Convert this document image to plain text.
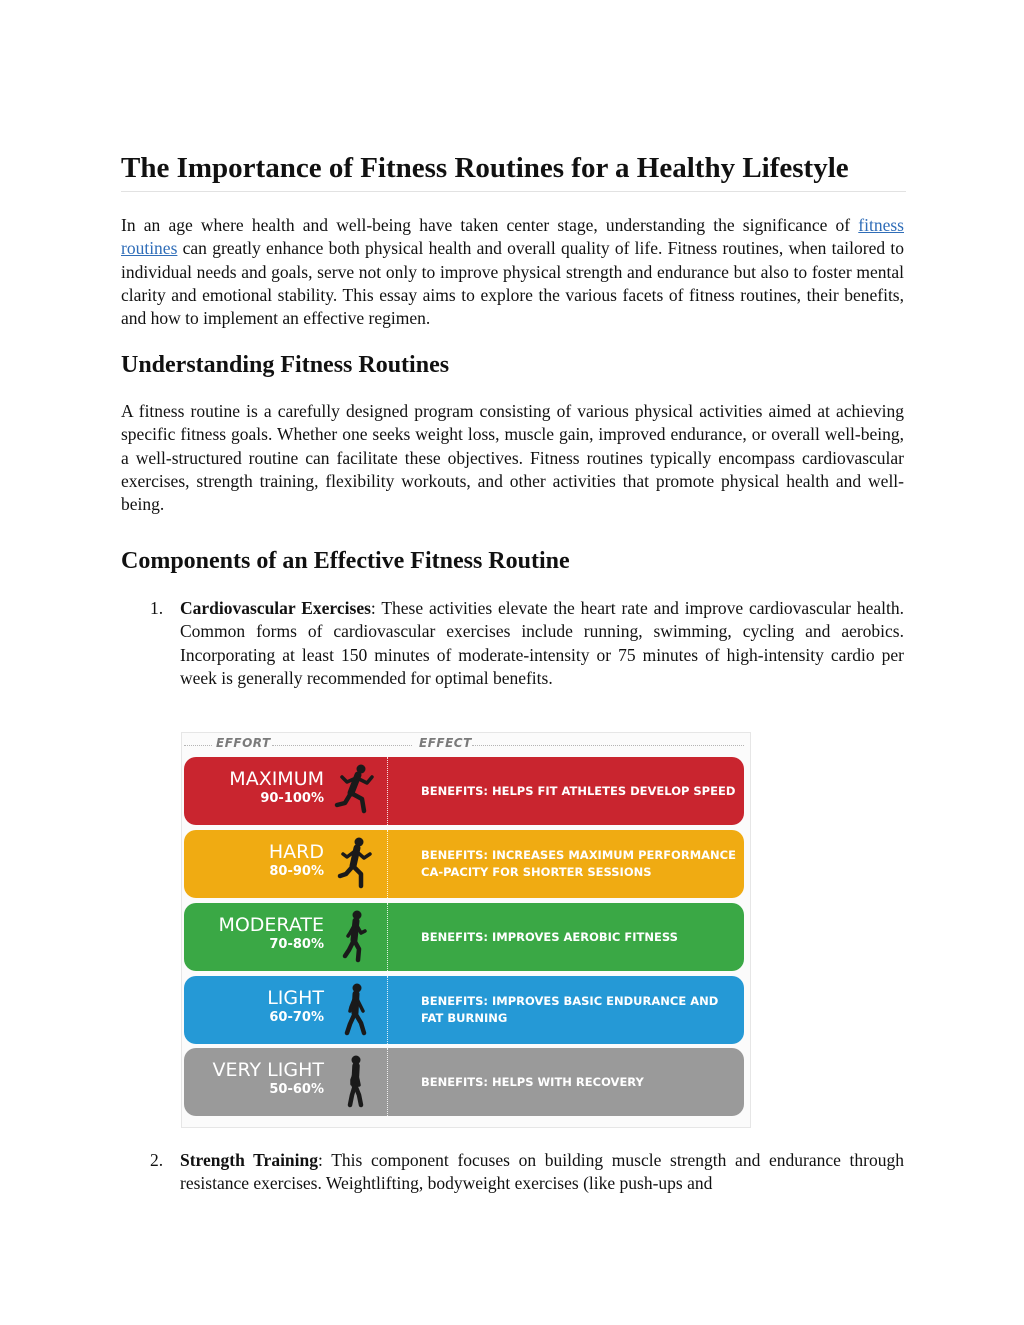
The Importance of Fitness Routines for a Healthy Lifestyle

In an age where health and well-being have taken center stage, understanding the significance of fitness routines can greatly enhance both physical health and overall quality of life. Fitness routines, when tailored to individual needs and goals, serve not only to improve physical strength and endurance but also to foster mental clarity and emotional stability. This essay aims to explore the various facets of fitness routines, their benefits, and how to implement an effective regimen.

Understanding Fitness Routines

A fitness routine is a carefully designed program consisting of various physical activities aimed at achieving specific fitness goals. Whether one seeks weight loss, muscle gain, improved endurance, or overall well-being, a well-structured routine can facilitate these objectives. Fitness routines typically encompass cardiovascular exercises, strength training, flexibility workouts, and other activities that promote physical health and well-being.

Components of an Effective Fitness Routine
1. Cardiovascular Exercises: These activities elevate the heart rate and improve cardiovascular health. Common forms of cardiovascular exercises include running, swimming, cycling and aerobics. Incorporating at least 150 minutes of moderate-intensity or 75 minutes of high-intensity cardio per week is generally recommended for optimal benefits.

EFFORT	EFFECT
MAXIMUM
90-100%
BENEFITS: HELPS FIT ATHLETES DEVELOP SPEED
HARD
80-90%
BENEFITS: INCREASES MAXIMUM PERFORMANCE CA-PACITY FOR SHORTER SESSIONS
MODERATE
70-80%
BENEFITS: IMPROVES AEROBIC FITNESS
LIGHT
60-70%
BENEFITS: IMPROVES BASIC ENDURANCE AND FAT BURNING
VERY LIGHT
50-60%
BENEFITS: HELPS WITH RECOVERY
2. Strength Training: This component focuses on building muscle strength and endurance through resistance exercises. Weightlifting, bodyweight exercises (like push-ups and
